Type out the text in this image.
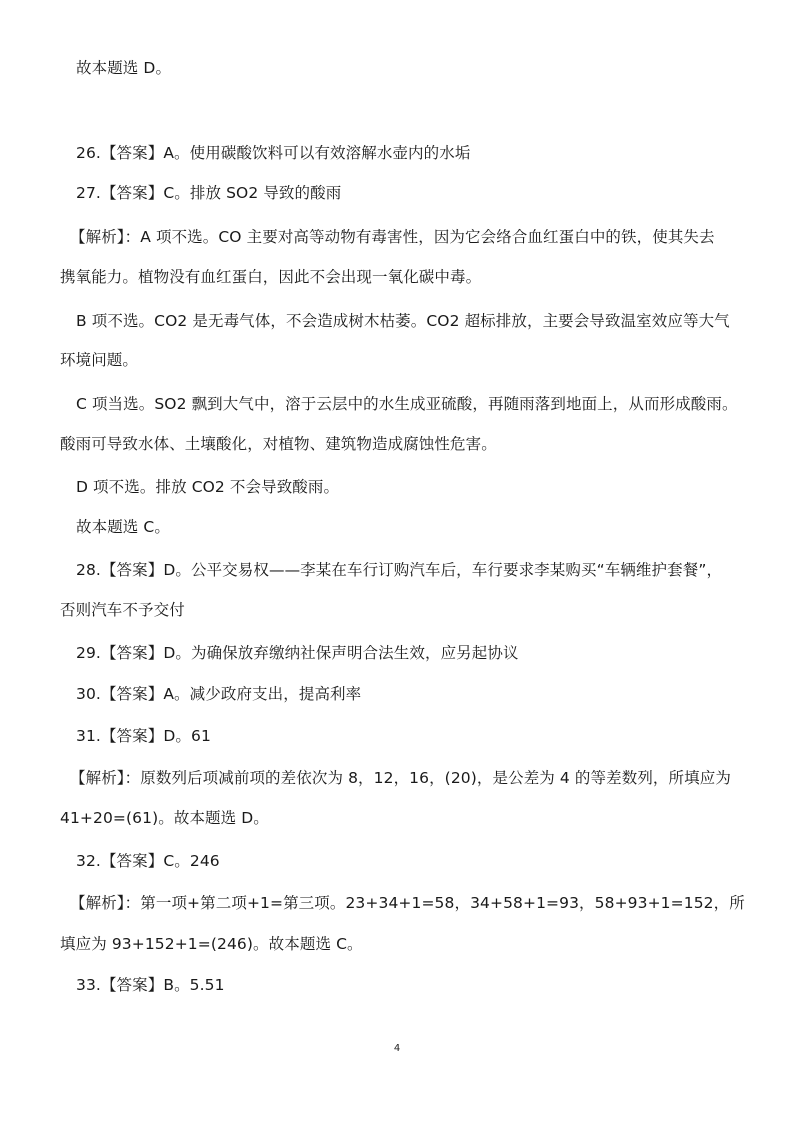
故本题选 D。
26.【答案】A。使用碳酸饮料可以有效溶解水壶内的水垢
27.【答案】C。排放 SO2 导致的酸雨
【解析】：A 项不选。CO 主要对高等动物有毒害性，因为它会络合血红蛋白中的铁，使其失去
携氧能力。植物没有血红蛋白，因此不会出现一氧化碳中毒。
B 项不选。CO2 是无毒气体，不会造成树木枯萎。CO2 超标排放，主要会导致温室效应等大气
环境问题。
C 项当选。SO2 飘到大气中，溶于云层中的水生成亚硫酸，再随雨落到地面上，从而形成酸雨。
酸雨可导致水体、土壤酸化，对植物、建筑物造成腐蚀性危害。
D 项不选。排放 CO2 不会导致酸雨。
故本题选 C。
28.【答案】D。公平交易权——李某在车行订购汽车后，车行要求李某购买“车辆维护套餐”，
否则汽车不予交付
29.【答案】D。为确保放弃缴纳社保声明合法生效，应另起协议
30.【答案】A。减少政府支出，提高利率
31.【答案】D。61
【解析】：原数列后项减前项的差依次为 8，12，16，(20)，是公差为 4 的等差数列，所填应为
41+20=(61)。故本题选 D。
32.【答案】C。246
【解析】：第一项+第二项+1=第三项。23+34+1=58，34+58+1=93，58+93+1=152，所
填应为 93+152+1=(246)。故本题选 C。
33.【答案】B。5.51
4
